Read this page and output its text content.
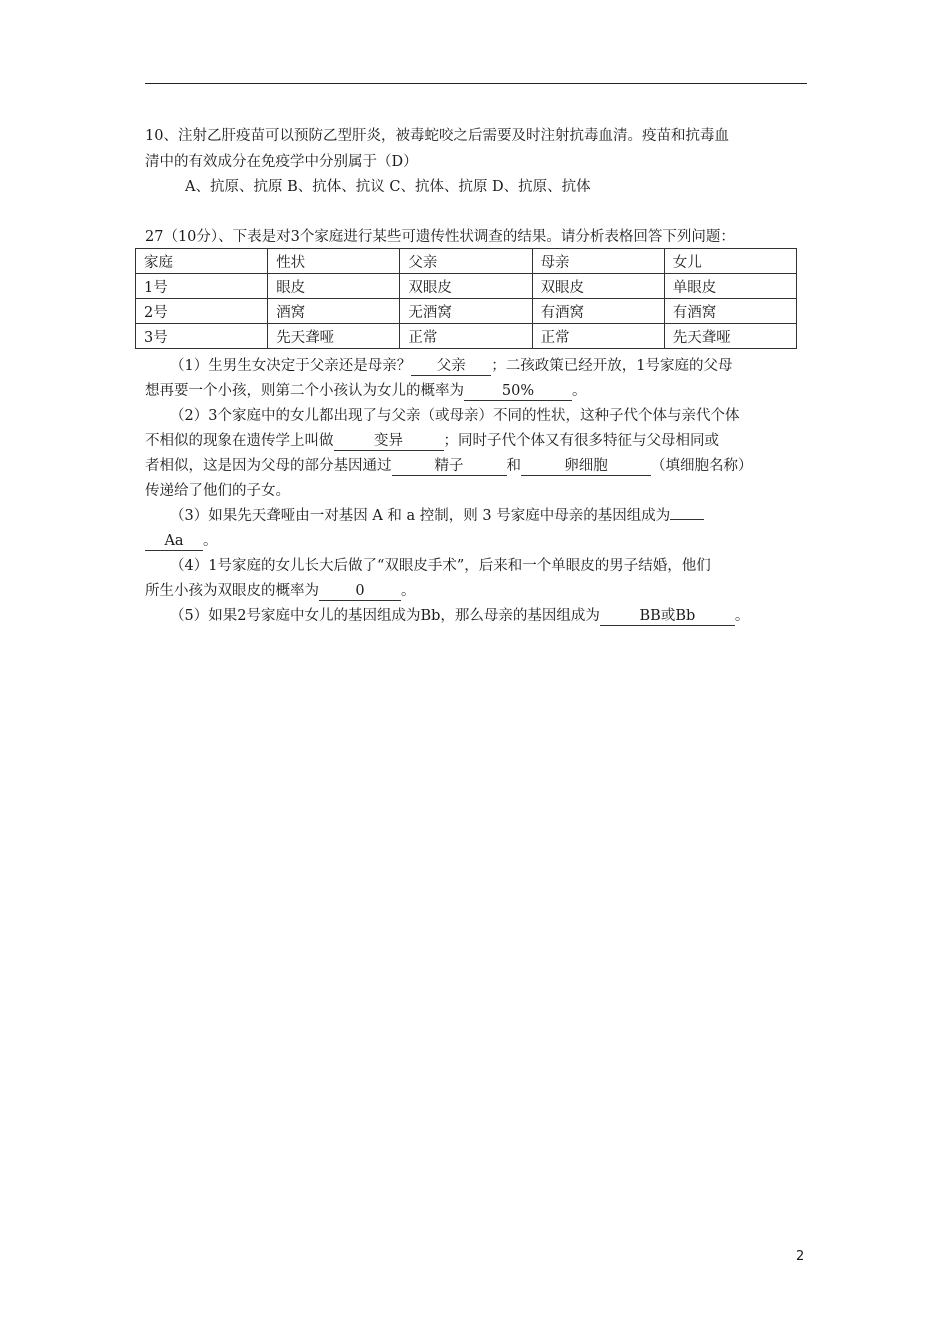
10、注射乙肝疫苗可以预防乙型肝炎，被毒蛇咬之后需要及时注射抗毒血清。疫苗和抗毒血
清中的有效成分在免疫学中分别属于（D）
A、抗原、抗原 B、抗体、抗议 C、抗体、抗原 D、抗原、抗体
27（10分）、下表是对3个家庭进行某些可遗传性状调查的结果。请分析表格回答下列问题：
家庭	性状	父亲	母亲	女儿
1号	眼皮	双眼皮	双眼皮	单眼皮
2号	酒窝	无酒窝	有酒窝	有酒窝
3号	先天聋哑	正常	正常	先天聋哑
（1）生男生女决定于父亲还是母亲？ 父亲 ；二孩政策已经开放，1号家庭的父母
想再要一个小孩，则第二个小孩认为女儿的概率为	50%	。
（2）3个家庭中的女儿都出现了与父亲（或母亲）不同的性状，这种子代个体与亲代个体
不相似的现象在遗传学上叫做	变异	；同时子代个体又有很多特征与父母相同或
者相似，这是因为父母的部分基因通过	精子	和	卵细胞	（填细胞名称）
传递给了他们的子女。
（3）如果先天聋哑由一对基因 A 和 a 控制，则 3 号家庭中母亲的基因组成为
Aa 。
（4）1号家庭的女儿长大后做了“双眼皮手术”，后来和一个单眼皮的男子结婚，他们
所生小孩为双眼皮的概率为	0	。
（5）如果2号家庭中女儿的基因组成为Bb，那么母亲的基因组成为	BB或Bb	。
2
